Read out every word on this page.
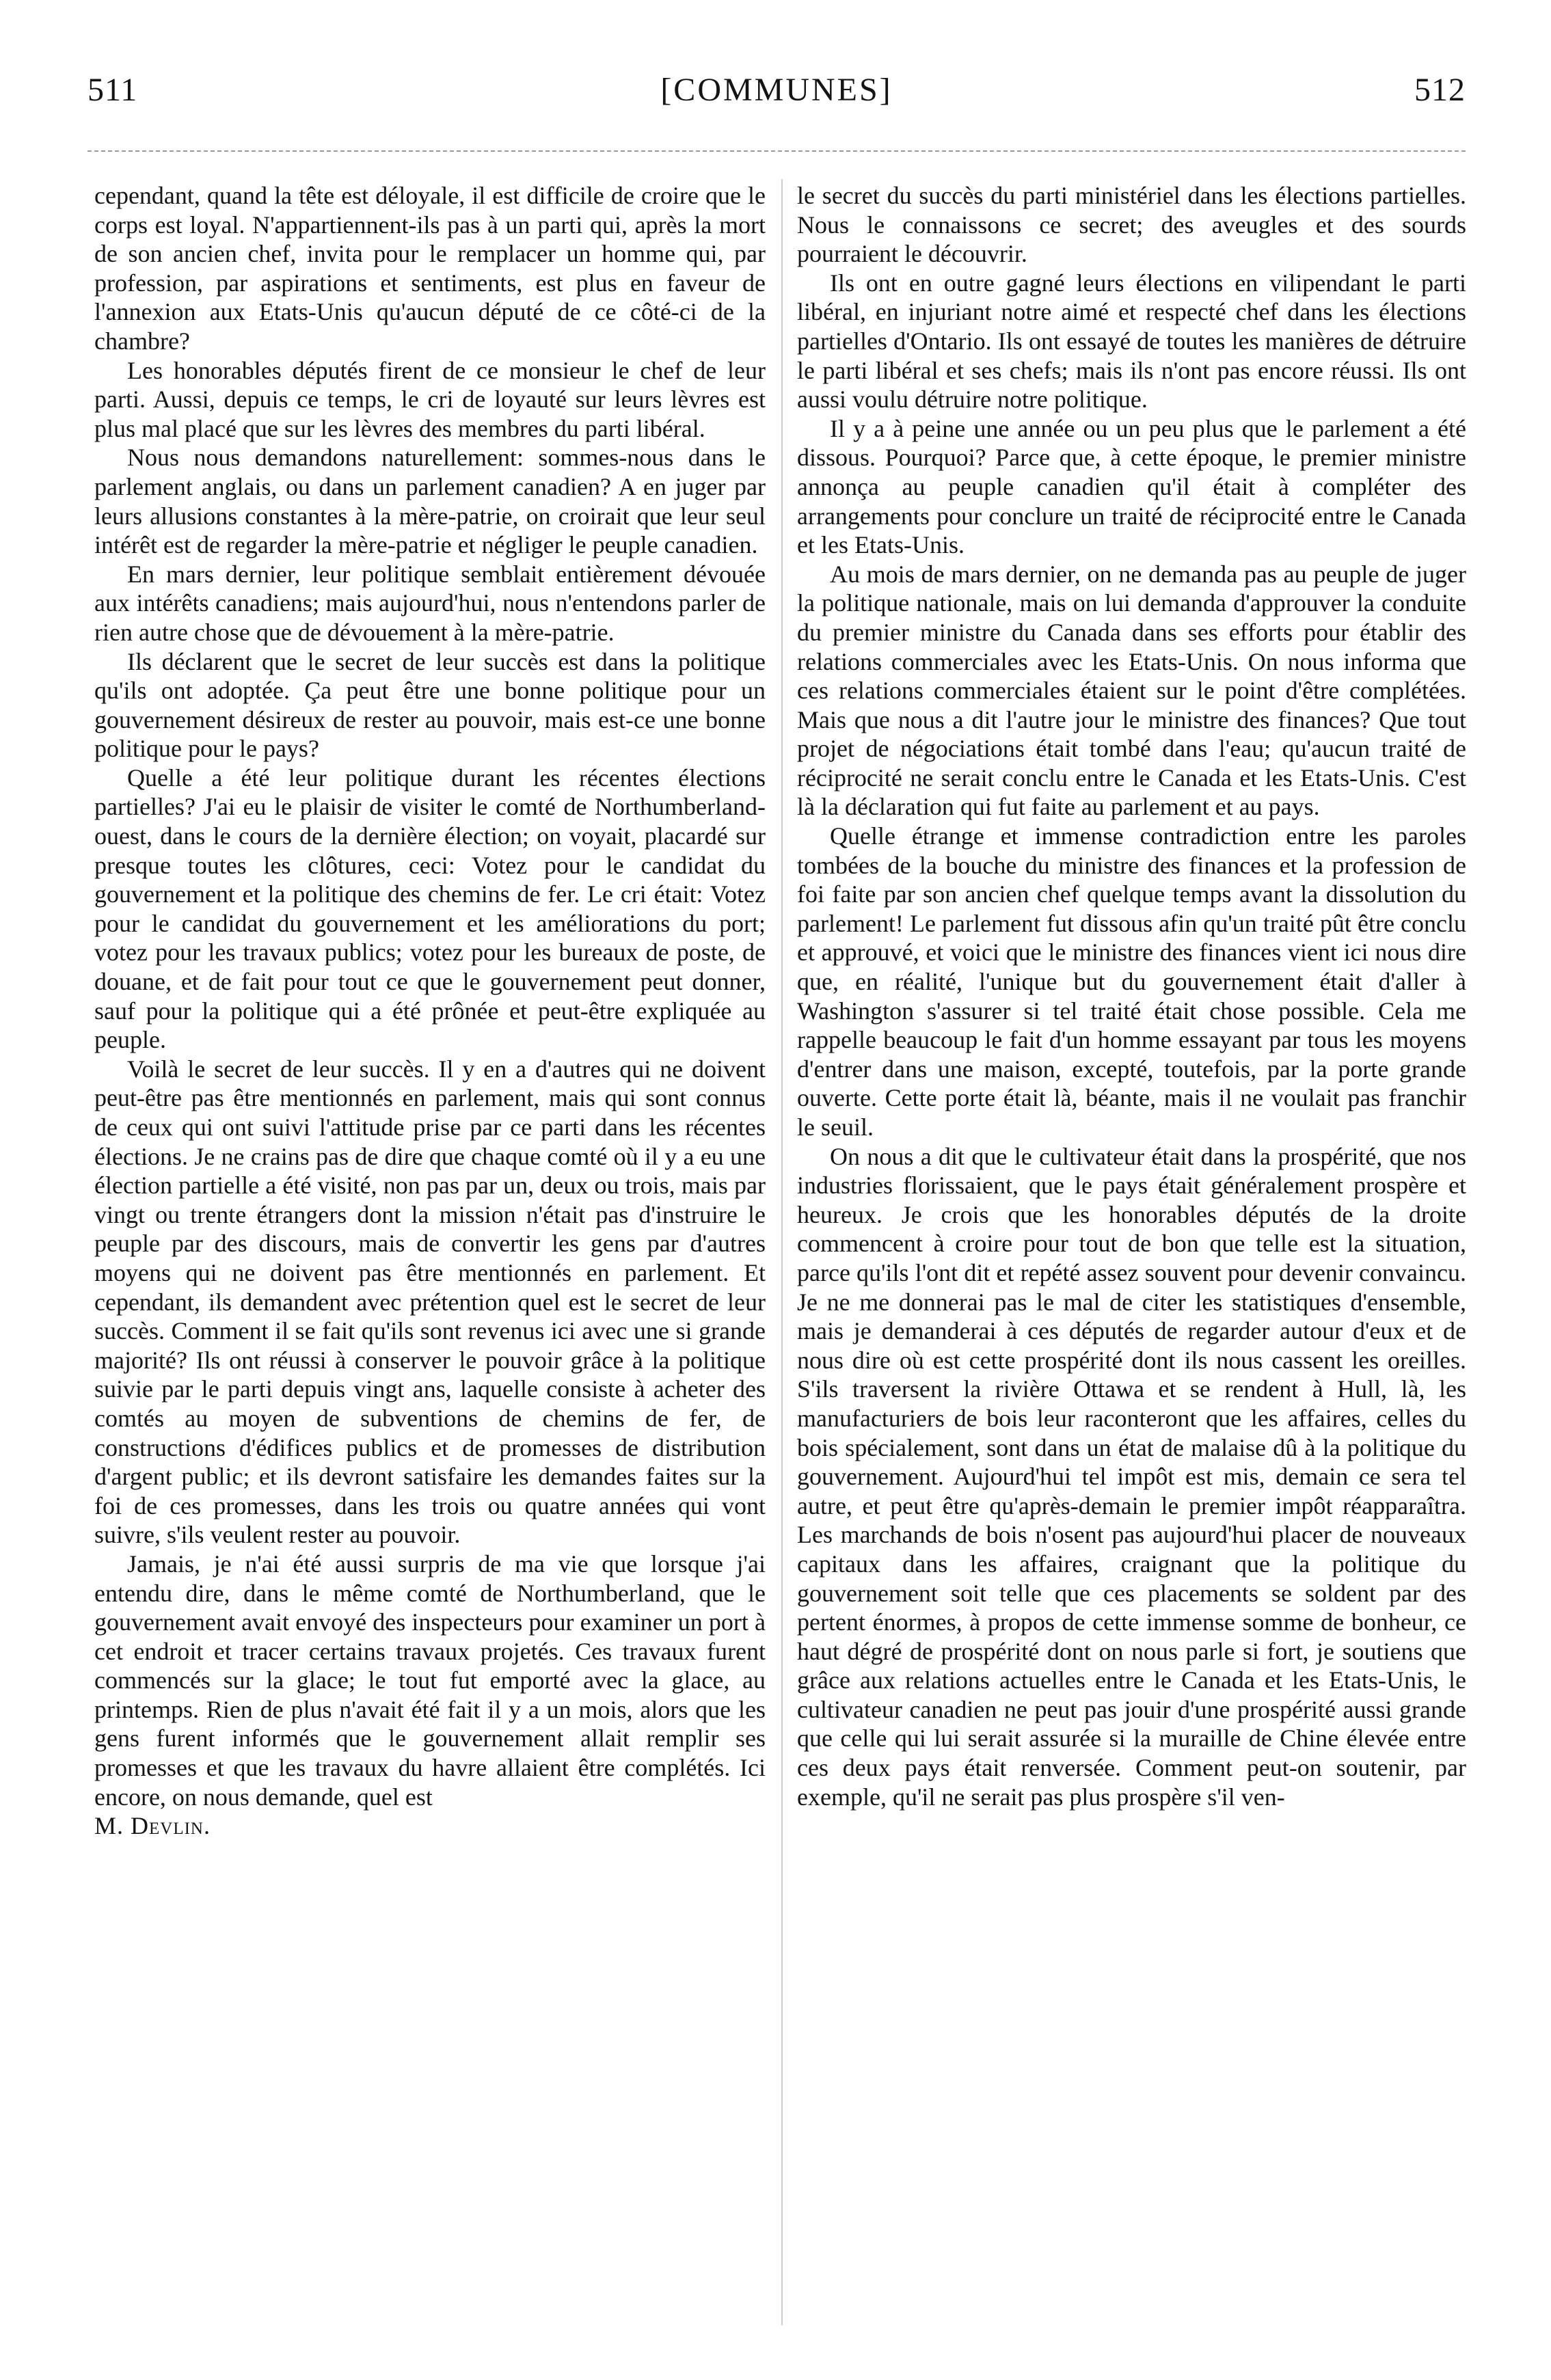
511	[COMMUNES]	512

cependant, quand la tête est déloyale, il est difficile de croire que le corps est loyal. N'appartiennent-ils pas à un parti qui, après la mort de son ancien chef, invita pour le remplacer un homme qui, par profession, par aspirations et sentiments, est plus en faveur de l'annexion aux Etats-Unis qu'aucun député de ce côté-ci de la chambre?

Les honorables députés firent de ce monsieur le chef de leur parti. Aussi, depuis ce temps, le cri de loyauté sur leurs lèvres est plus mal placé que sur les lèvres des membres du parti libéral.

Nous nous demandons naturellement: sommes-nous dans le parlement anglais, ou dans un parlement canadien? A en juger par leurs allusions constantes à la mère-patrie, on croirait que leur seul intérêt est de regarder la mère-patrie et négliger le peuple canadien.

En mars dernier, leur politique semblait entièrement dévouée aux intérêts canadiens; mais aujourd'hui, nous n'entendons parler de rien autre chose que de dévouement à la mère-patrie.

Ils déclarent que le secret de leur succès est dans la politique qu'ils ont adoptée. Ça peut être une bonne politique pour un gouvernement désireux de rester au pouvoir, mais est-ce une bonne politique pour le pays?

Quelle a été leur politique durant les récentes élections partielles? J'ai eu le plaisir de visiter le comté de Northumberland-ouest, dans le cours de la dernière élection; on voyait, placardé sur presque toutes les clôtures, ceci: Votez pour le candidat du gouvernement et la politique des chemins de fer. Le cri était: Votez pour le candidat du gouvernement et les améliorations du port; votez pour les travaux publics; votez pour les bureaux de poste, de douane, et de fait pour tout ce que le gouvernement peut donner, sauf pour la politique qui a été prônée et peut-être expliquée au peuple.

Voilà le secret de leur succès. Il y en a d'autres qui ne doivent peut-être pas être mentionnés en parlement, mais qui sont connus de ceux qui ont suivi l'attitude prise par ce parti dans les récentes élections. Je ne crains pas de dire que chaque comté où il y a eu une élection partielle a été visité, non pas par un, deux ou trois, mais par vingt ou trente étrangers dont la mission n'était pas d'instruire le peuple par des discours, mais de convertir les gens par d'autres moyens qui ne doivent pas être mentionnés en parlement. Et cependant, ils demandent avec prétention quel est le secret de leur succès. Comment il se fait qu'ils sont revenus ici avec une si grande majorité? Ils ont réussi à conserver le pouvoir grâce à la politique suivie par le parti depuis vingt ans, laquelle consiste à acheter des comtés au moyen de subventions de chemins de fer, de constructions d'édifices publics et de promesses de distribution d'argent public; et ils devront satisfaire les demandes faites sur la foi de ces promesses, dans les trois ou quatre années qui vont suivre, s'ils veulent rester au pouvoir.

Jamais, je n'ai été aussi surpris de ma vie que lorsque j'ai entendu dire, dans le même comté de Northumberland, que le gouvernement avait envoyé des inspecteurs pour examiner un port à cet endroit et tracer certains travaux projetés. Ces travaux furent commencés sur la glace; le tout fut emporté avec la glace, au printemps. Rien de plus n'avait été fait il y a un mois, alors que les gens furent informés que le gouvernement allait remplir ses promesses et que les travaux du havre allaient être complétés. Ici encore, on nous demande, quel est

M. Devlin.

le secret du succès du parti ministériel dans les élections partielles. Nous le connaissons ce secret; des aveugles et des sourds pourraient le découvrir.

Ils ont en outre gagné leurs élections en vilipendant le parti libéral, en injuriant notre aimé et respecté chef dans les élections partielles d'Ontario. Ils ont essayé de toutes les manières de détruire le parti libéral et ses chefs; mais ils n'ont pas encore réussi. Ils ont aussi voulu détruire notre politique.

Il y a à peine une année ou un peu plus que le parlement a été dissous. Pourquoi? Parce que, à cette époque, le premier ministre annonça au peuple canadien qu'il était à compléter des arrangements pour conclure un traité de réciprocité entre le Canada et les Etats-Unis.

Au mois de mars dernier, on ne demanda pas au peuple de juger la politique nationale, mais on lui demanda d'approuver la conduite du premier ministre du Canada dans ses efforts pour établir des relations commerciales avec les Etats-Unis. On nous informa que ces relations commerciales étaient sur le point d'être complétées. Mais que nous a dit l'autre jour le ministre des finances? Que tout projet de négociations était tombé dans l'eau; qu'aucun traité de réciprocité ne serait conclu entre le Canada et les Etats-Unis. C'est là la déclaration qui fut faite au parlement et au pays.

Quelle étrange et immense contradiction entre les paroles tombées de la bouche du ministre des finances et la profession de foi faite par son ancien chef quelque temps avant la dissolution du parlement! Le parlement fut dissous afin qu'un traité pût être conclu et approuvé, et voici que le ministre des finances vient ici nous dire que, en réalité, l'unique but du gouvernement était d'aller à Washington s'assurer si tel traité était chose possible. Cela me rappelle beaucoup le fait d'un homme essayant par tous les moyens d'entrer dans une maison, excepté, toutefois, par la porte grande ouverte. Cette porte était là, béante, mais il ne voulait pas franchir le seuil.

On nous a dit que le cultivateur était dans la prospérité, que nos industries florissaient, que le pays était généralement prospère et heureux. Je crois que les honorables députés de la droite commencent à croire pour tout de bon que telle est la situation, parce qu'ils l'ont dit et repété assez souvent pour devenir convaincu. Je ne me donnerai pas le mal de citer les statistiques d'ensemble, mais je demanderai à ces députés de regarder autour d'eux et de nous dire où est cette prospérité dont ils nous cassent les oreilles. S'ils traversent la rivière Ottawa et se rendent à Hull, là, les manufacturiers de bois leur raconteront que les affaires, celles du bois spécialement, sont dans un état de malaise dû à la politique du gouvernement. Aujourd'hui tel impôt est mis, demain ce sera tel autre, et peut être qu'après-demain le premier impôt réapparaîtra. Les marchands de bois n'osent pas aujourd'hui placer de nouveaux capitaux dans les affaires, craignant que la politique du gouvernement soit telle que ces placements se soldent par des pertent énormes, à propos de cette immense somme de bonheur, ce haut dégré de prospérité dont on nous parle si fort, je soutiens que grâce aux relations actuelles entre le Canada et les Etats-Unis, le cultivateur canadien ne peut pas jouir d'une prospérité aussi grande que celle qui lui serait assurée si la muraille de Chine élevée entre ces deux pays était renversée. Comment peut-on soutenir, par exemple, qu'il ne serait pas plus prospère s'il ven-
